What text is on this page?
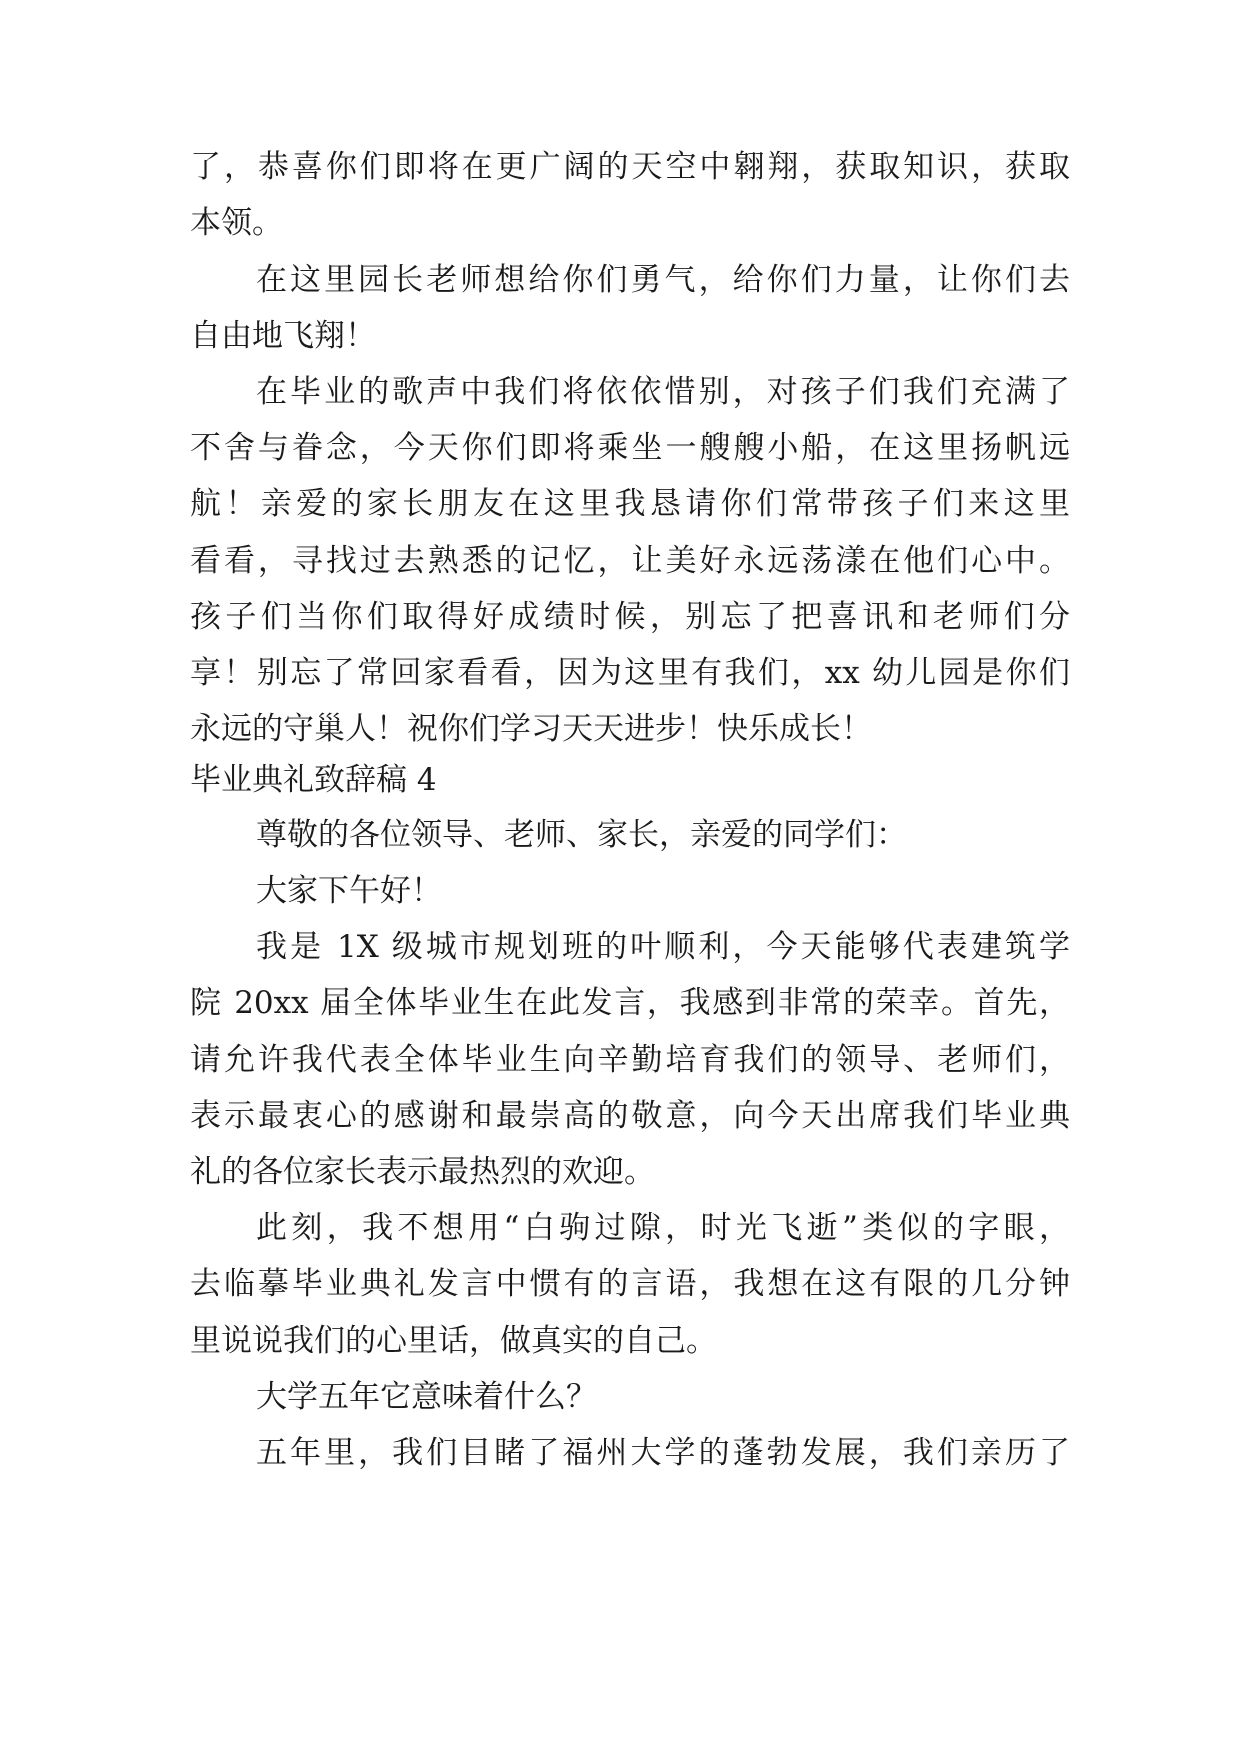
了，恭喜你们即将在更广阔的天空中翱翔，获取知识，获取
本领。
在这里园长老师想给你们勇气，给你们力量，让你们去
自由地飞翔！
在毕业的歌声中我们将依依惜别，对孩子们我们充满了
不舍与眷念，今天你们即将乘坐一艘艘小船，在这里扬帆远
航！亲爱的家长朋友在这里我恳请你们常带孩子们来这里
看看，寻找过去熟悉的记忆，让美好永远荡漾在他们心中。
孩子们当你们取得好成绩时候，别忘了把喜讯和老师们分
享！别忘了常回家看看，因为这里有我们，xx 幼儿园是你们
永远的守巢人！祝你们学习天天进步！快乐成长！
毕业典礼致辞稿 4
尊敬的各位领导、老师、家长，亲爱的同学们：
大家下午好！
我是 1X 级城市规划班的叶顺利，今天能够代表建筑学
院 20xx 届全体毕业生在此发言，我感到非常的荣幸。首先，
请允许我代表全体毕业生向辛勤培育我们的领导、老师们，
表示最衷心的感谢和最崇高的敬意，向今天出席我们毕业典
礼的各位家长表示最热烈的欢迎。
此刻，我不想用“白驹过隙，时光飞逝”类似的字眼，
去临摹毕业典礼发言中惯有的言语，我想在这有限的几分钟
里说说我们的心里话，做真实的自己。
大学五年它意味着什么？
五年里，我们目睹了福州大学的蓬勃发展，我们亲历了
